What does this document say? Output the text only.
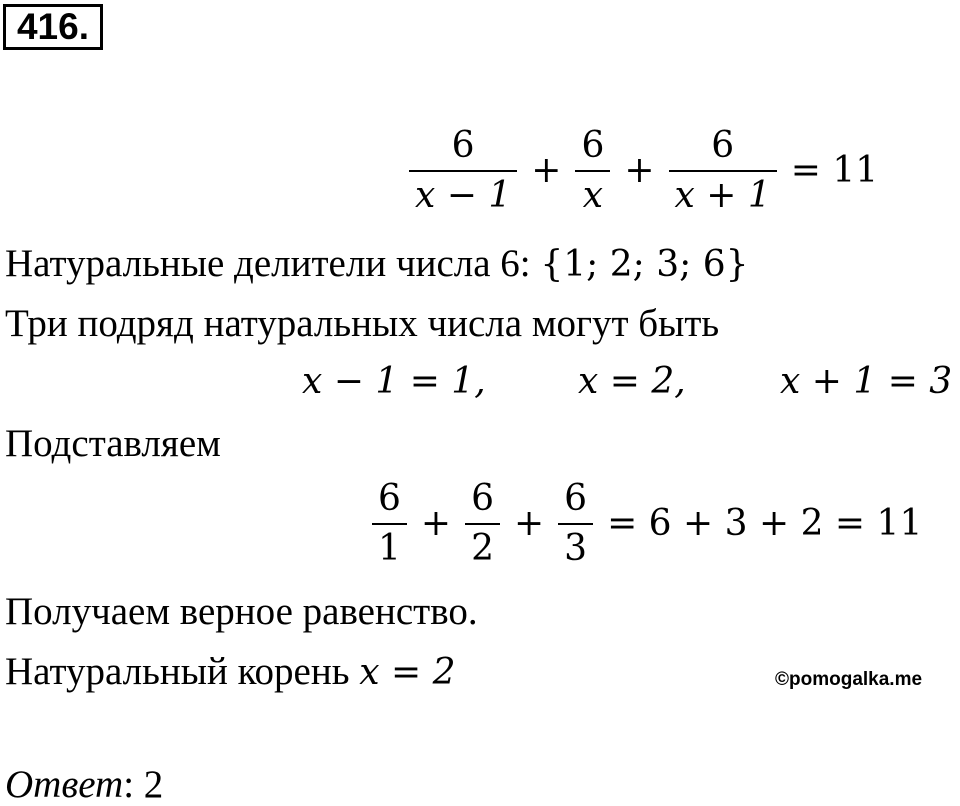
416.
$\frac{6}{x - 1} + \frac{6}{x} + \frac{6}{x + 1} = 11$
Натуральные делители числа 6: {1; 2; 3; 6}
Три подряд натуральных числа могут быть
x − 1 = 1,	x = 2,	x + 1 = 3
Подставляем
$\frac{6}{1} + \frac{6}{2} + \frac{6}{3} = 6 + 3 + 2 = 11$
Получаем верное равенство.
Натуральный корень x = 2	©pomogalka.me
Ответ: 2
